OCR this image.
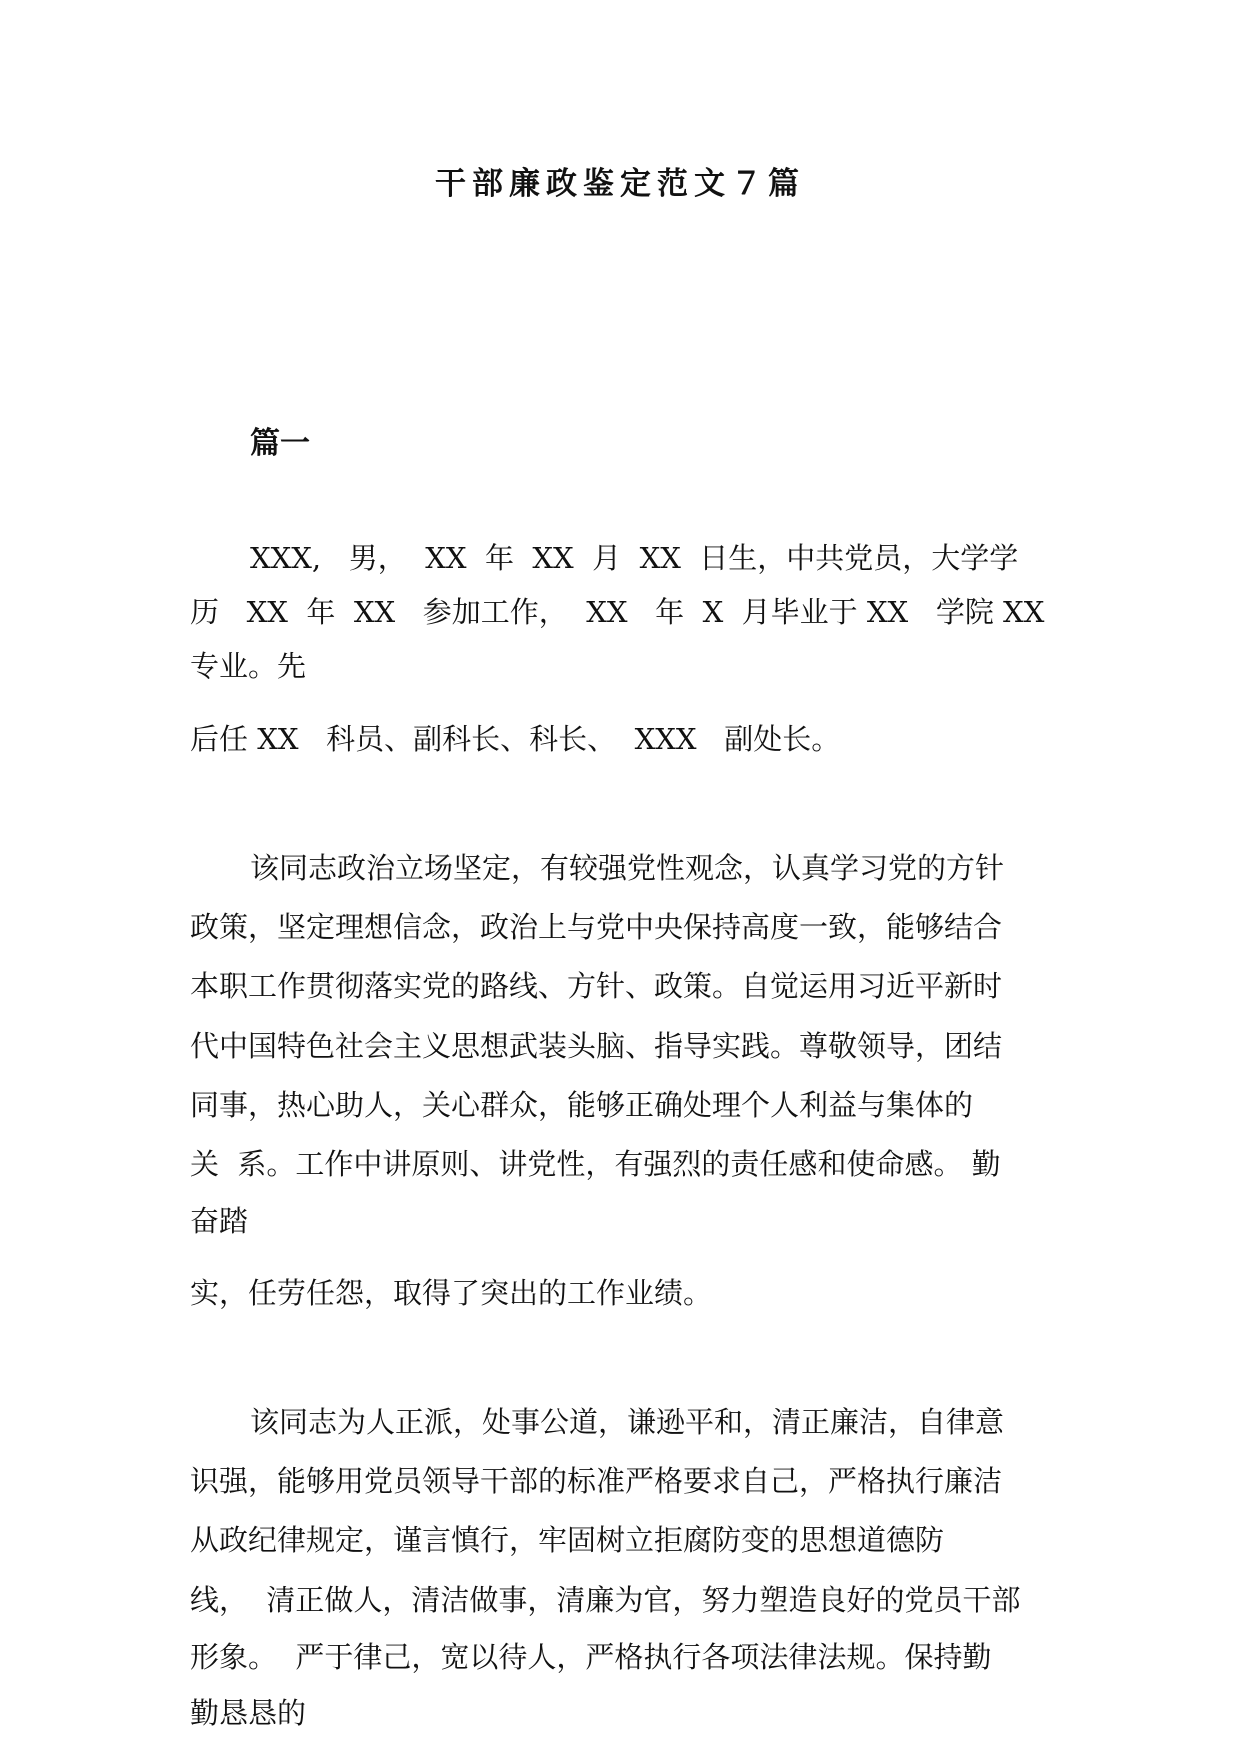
干部廉政鉴定范文７篇
篇一
XXX,   男，  XX  年  XX  月  XX  日生，中共党员，大学学
历   XX  年  XX   参加工作，  XX   年  X  月毕业于 XX   学院 XX
专业。先
后任 XX   科员、副科长、科长、  XXX   副处长。
该同志政治立场坚定，有较强党性观念，认真学习党的方针
政策，坚定理想信念，政治上与党中央保持高度一致，能够结合
本职工作贯彻落实党的路线、方针、政策。自觉运用习近平新时
代中国特色社会主义思想武装头脑、指导实践。尊敬领导，团结
同事，热心助人，关心群众，能够正确处理个人利益与集体的
关  系。工作中讲原则、讲党性，有强烈的责任感和使命感。 勤
奋踏
实，任劳任怨，取得了突出的工作业绩。
该同志为人正派，处事公道，谦逊平和，清正廉洁，自律意
识强，能够用党员领导干部的标准严格要求自己，严格执行廉洁
从政纪律规定，谨言慎行，牢固树立拒腐防变的思想道德防
线，  清正做人，清洁做事，清廉为官，努力塑造良好的党员干部
形象。  严于律己，宽以待人，严格执行各项法律法规。保持勤
勤恳恳的
